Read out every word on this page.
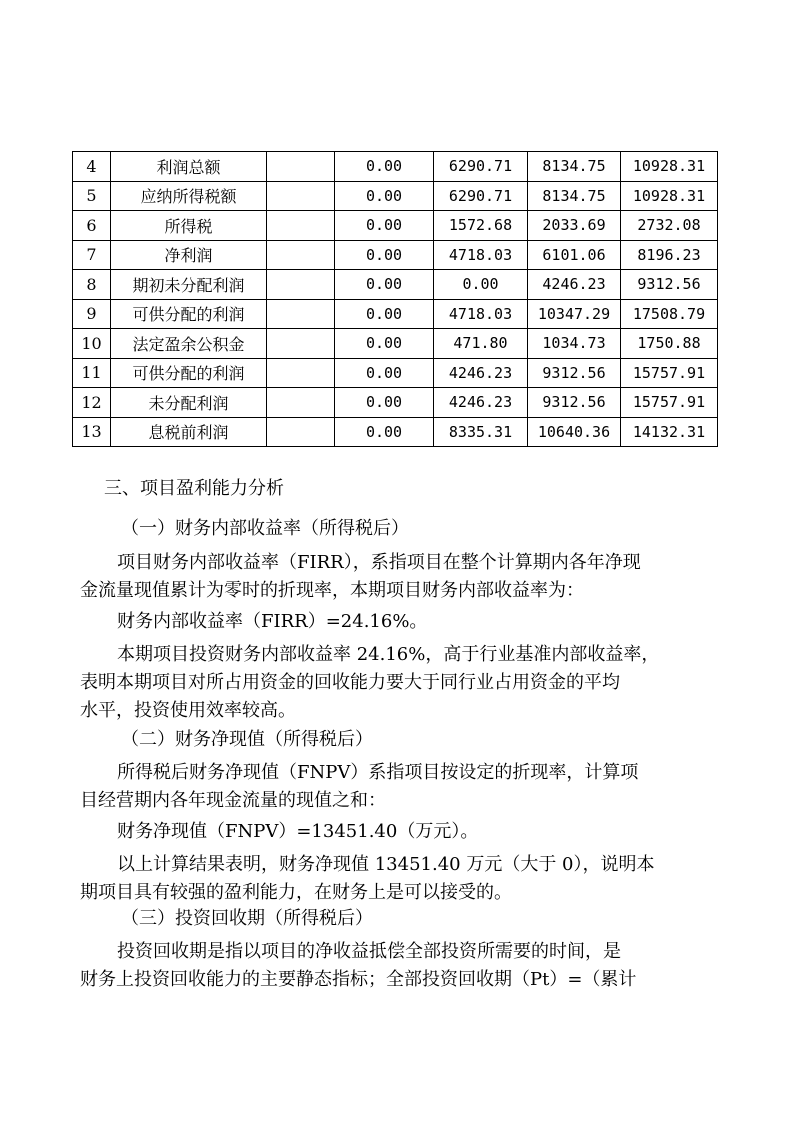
4	利润总额		0.00	6290.71	8134.75	10928.31
5	应纳所得税额		0.00	6290.71	8134.75	10928.31
6	所得税		0.00	1572.68	2033.69	2732.08
7	净利润		0.00	4718.03	6101.06	8196.23
8	期初未分配利润		0.00	0.00	4246.23	9312.56
9	可供分配的利润		0.00	4718.03	10347.29	17508.79
10	法定盈余公积金		0.00	471.80	1034.73	1750.88
11	可供分配的利润		0.00	4246.23	9312.56	15757.91
12	未分配利润		0.00	4246.23	9312.56	15757.91
13	息税前利润		0.00	8335.31	10640.36	14132.31
三、项目盈利能力分析
（一）财务内部收益率（所得税后）
项目财务内部收益率（FIRR），系指项目在整个计算期内各年净现
金流量现值累计为零时的折现率，本期项目财务内部收益率为：
财务内部收益率（FIRR）=24.16%。
本期项目投资财务内部收益率 24.16%，高于行业基准内部收益率，
表明本期项目对所占用资金的回收能力要大于同行业占用资金的平均
水平，投资使用效率较高。
（二）财务净现值（所得税后）
所得税后财务净现值（FNPV）系指项目按设定的折现率，计算项
目经营期内各年现金流量的现值之和：
财务净现值（FNPV）=13451.40（万元）。
以上计算结果表明，财务净现值 13451.40 万元（大于 0），说明本
期项目具有较强的盈利能力，在财务上是可以接受的。
（三）投资回收期（所得税后）
投资回收期是指以项目的净收益抵偿全部投资所需要的时间，是
财务上投资回收能力的主要静态指标；全部投资回收期（Pt）=（累计
